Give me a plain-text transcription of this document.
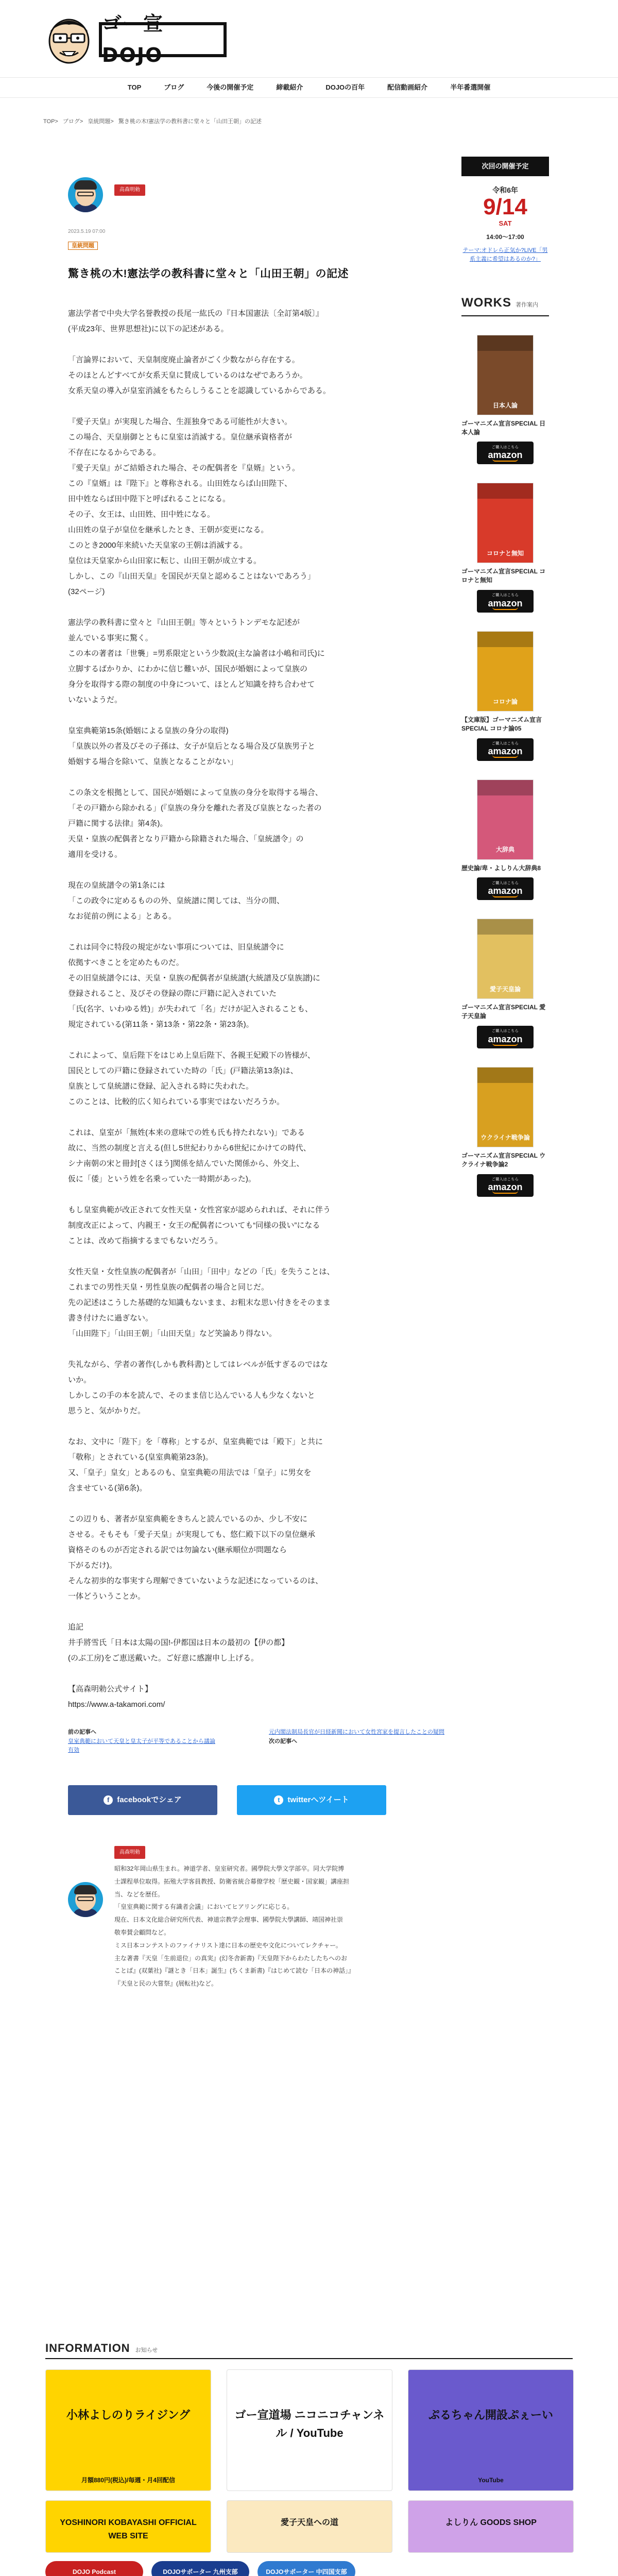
ゴー宣DOJO
TOP	ブログ	今後の開催予定	締載紹介	DOJOの百年	配信動画紹介	半年番選開催
TOP> ブログ> 皇統問題> 驚き桃の木!憲法学の教科書に堂々と「山田王朝」の記述
高森明勅
2023.5.19 07:00
皇統問題
驚き桃の木!憲法学の教科書に堂々と「山田王朝」の記述

憲法学者で中央大学名誉教授の長尾一紘氏の『日本国憲法〔全訂第4版〕』
(平成23年、世界思想社)に以下の記述がある。

「言論界において、天皇制度廃止論者がごく少数ながら存在する。
そのほとんどすべてが女系天皇に賛成しているのはなぜであろうか。
女系天皇の導入が皇室消滅をもたらしうることを認識しているからである。

『愛子天皇』が実現した場合、生涯独身である可能性が大きい。
この場合、天皇崩御とともに皇室は消滅する。皇位継承資格者が
不存在になるからである。
『愛子天皇』がご結婚された場合、その配偶者を『皇婿』という。
この『皇婿』は『陛下』と尊称される。山田姓ならば山田陛下、
田中姓ならば田中陛下と呼ばれることになる。
その子、女王は、山田姓、田中姓になる。
山田姓の皇子が皇位を継承したとき、王朝が変更になる。
このとき2000年来続いた天皇家の王朝は消滅する。
皇位は天皇家から山田家に転じ、山田王朝が成立する。
しかし、この『山田天皇』を国民が天皇と認めることはないであろう」
(32ページ)

憲法学の教科書に堂々と『山田王朝』等々というトンデモな記述が
並んでいる事実に驚く。
この本の著者は「世襲」=男系限定という少数説(主な論者は小嶋和司氏)に
立脚するばかりか、にわかに信じ難いが、国民が婚姻によって皇族の
身分を取得する際の制度の中身について、ほとんど知識を持ち合わせて
いないようだ。

皇室典範第15条(婚姻による皇族の身分の取得)
「皇族以外の者及びその子孫は、女子が皇后となる場合及び皇族男子と
婚姻する場合を除いて、皇族となることがない」

この条文を根拠として、国民が婚姻によって皇族の身分を取得する場合、
「その戸籍から除かれる」(『皇族の身分を離れた者及び皇族となった者の
戸籍に関する法律』第4条)。
天皇・皇族の配偶者となり戸籍から除籍された場合、「皇統譜令」の
適用を受ける。

現在の皇統譜令の第1条には
「この政令に定めるものの外、皇統譜に関しては、当分の間、
なお従前の例による」とある。

これは同令に特段の規定がない事項については、旧皇統譜令に
依拠すべきことを定めたものだ。
その旧皇統譜令には、天皇・皇族の配偶者が皇統譜(大統譜及び皇族譜)に
登録されること、及びその登録の際に戸籍に記入されていた
「氏(名字、いわゆる姓)」が失われて「名」だけが記入されることも、
規定されている(第11条・第13条・第22条・第23条)。

これによって、皇后陛下をはじめ上皇后陛下、各親王妃殿下の皆様が、
国民としての戸籍に登録されていた時の「氏」(戸籍法第13条)は、
皇族として皇統譜に登録、記入される時に失われた。
このことは、比較的広く知られている事実ではないだろうか。

これは、皇室が「無姓(本来の意味での姓も氏も持たれない)」である
故に、当然の制度と言える(但し5世紀わりから6世紀にかけての時代、
シナ南朝の宋と冊封[さくほう]関係を結んでいた関係から、外交上、
仮に「倭」という姓を名乗っていた一時期があった)。

もし皇室典範が改正されて女性天皇・女性宮家が認められれば、それに伴う
制度改正によって、内親王・女王の配偶者についても“同様の扱い”になる
ことは、改めて指摘するまでもないだろう。

女性天皇・女性皇族の配偶者が「山田」「田中」などの「氏」を失うことは、
これまでの男性天皇・男性皇族の配偶者の場合と同じだ。
先の記述はこうした基礎的な知識もないまま、お粗末な思い付きをそのまま
書き付けたに過ぎない。
「山田陛下」「山田王朝」「山田天皇」など笑論あり得ない。

失礼ながら、学者の著作(しかも教科書)としてはレベルが低すぎるのではな
いか。
しかしこの手の本を読んで、そのまま信じ込んでいる人も少なくないと
思うと、気がかりだ。

なお、文中に「陛下」を「尊称」とするが、皇室典範では「殿下」と共に
「敬称」とされている(皇室典範第23条)。
又、「皇子」皇女」とあるのも、皇室典範の用法では「皇子」に男女を
含ませている(第6条)。

この辺りも、著者が皇室典範をきちんと読んでいるのか、少し不安に
させる。そもそも「愛子天皇」が実現しても、悠仁殿下以下の皇位継承
資格そのものが否定される訳では勿論ない(継承順位が問題なら
下がるだけ)。
そんな初歩的な事実すら理解できていないような記述になっているのは、
一体どういうことか。

追記
井手將雪氏「日本は太陽の国!-伊都国は日本の最初の【伊の都】
(のぶ工房)をご恵送戴いた。ご好意に感謝申し上げる。

【高森明勅公式サイト】
https://www.a-takamori.com/

前の記事へ
皇室典範において天皇と皇太子が平等であることから議論
有効
元内閣法制局長官が日経新聞において女性宮家を提言したことの疑問
次の記事へ
f facebookでシェア	t twitterへツイート
高森明勅

昭和32年岡山県生まれ。神道学者、皇室研究者。國學院大學文学部卒。同大学院博

士課程単位取得。拓殖大学客員教授、防衛省統合幕僚学校「歴史観・国家観」講座担

当、などを歴任。

「皇室典範に関する有識者会議」においてヒアリングに応じる。

現在、日本文化総合研究所代表、神道宗教学会理事、國學院大學講師、靖国神社崇

敬奉賛会顧問など。

ミス日本コンテストのファイナリスト達に日本の歴史や文化についてレクチャー。

主な著書『天皇「生前退位」の真実』(幻冬舎新書)『天皇陛下からわたしたちへのお

ことば』(双葉社)『謎とき「日本」誕生』(ちくま新書)『はじめて読む「日本の神話」』

『天皇と民の大嘗祭』(展転社)など。

次回の開催予定
令和6年
9/14
SAT
14:00〜17:00
テーマ:オドレら正気か?LIVE「男系主義に希望はあるのか?」
WORKS 著作案内
日本人論
ゴーマニズム宣言SPECIAL 日本人論
ご購入はこちら
amazon
コロナと無知
ゴーマニズム宣言SPECIAL コロナと無知
ご購入はこちら
amazon
コロナ論
【文庫版】ゴーマニズム宣言SPECIAL コロナ論05
ご購入はこちら
amazon
大辞典
歴史論/卑・よしりん大辞典8
ご購入はこちら
amazon
愛子天皇論
ゴーマニズム宣言SPECIAL 愛子天皇論
ご購入はこちら
amazon
ウクライナ戦争論
ゴーマニズム宣言SPECIAL ウクライナ戦争論2
ご購入はこちら
amazon
INFORMATION お知らせ
小林よしのりライジング
月額880円(税込)/毎週・月4回配信
ゴー宣道場 ニコニコチャンネル / YouTube
ぷるちゃん開設ぷぇーい
YouTube
YOSHINORI KOBAYASHI OFFICIAL WEB SITE
愛子天皇への道	よしりん GOODS SHOP
DOJO Podcast	DOJOサポーター 九州支部	DOJOサポーター 中四国支部
